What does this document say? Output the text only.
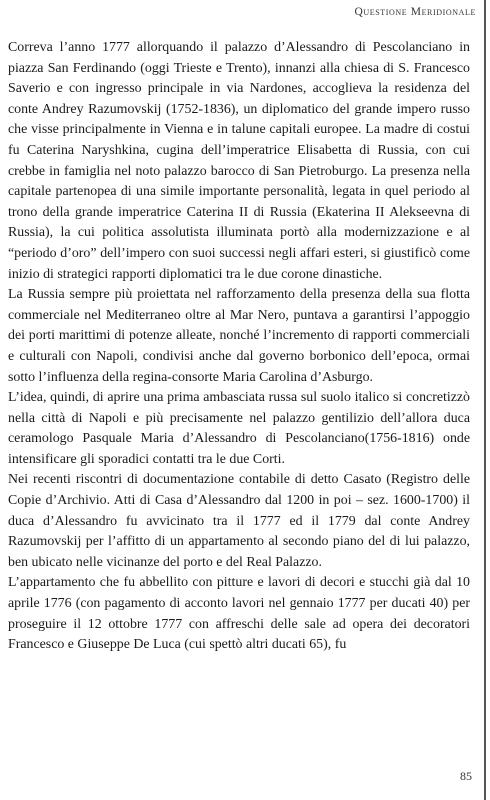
Questione Meridionale

Correva l’anno 1777 allorquando il palazzo d’Alessandro di Pescolanciano in piazza San Ferdinando (oggi Trieste e Trento), innanzi alla chiesa di S. Francesco Saverio e con ingresso principale in via Nardones, accoglieva la residenza del conte Andrey Razumovskij (1752-1836), un diplomatico del grande impero russo che visse principalmente in Vienna e in talune capitali europee. La madre di costui fu Caterina Naryshkina, cugina dell’imperatrice Elisabetta di Russia, con cui crebbe in famiglia nel noto palazzo barocco di San Pietroburgo. La presenza nella capitale partenopea di una simile importante personalità, legata in quel periodo al trono della grande imperatrice Caterina II di Russia (Ekaterina II Alekseevna di Russia), la cui politica assolutista illuminata portò alla modernizzazione e al “periodo d’oro” dell’impero con suoi successi negli affari esteri, si giustificò come inizio di strategici rapporti diplomatici tra le due corone dinastiche.

La Russia sempre più proiettata nel rafforzamento della presenza della sua flotta commerciale nel Mediterraneo oltre al Mar Nero, puntava a garantirsi l’appoggio dei porti marittimi di potenze alleate, nonché l’incremento di rapporti commerciali e culturali con Napoli, condivisi anche dal governo borbonico dell’epoca, ormai sotto l’influenza della regina-consorte Maria Carolina d’Asburgo.

L’idea, quindi, di aprire una prima ambasciata russa sul suolo italico si concretizzò nella città di Napoli e più precisamente nel palazzo gentilizio dell’allora duca ceramologo Pasquale Maria d’Alessandro di Pescolanciano(1756-1816) onde intensificare gli sporadici contatti tra le due Corti.

Nei recenti riscontri di documentazione contabile di detto Casato (Registro delle Copie d’Archivio. Atti di Casa d’Alessandro dal 1200 in poi – sez. 1600-1700) il duca d’Alessandro fu avvicinato tra il 1777 ed il 1779 dal conte Andrey Razumovskij per l’affitto di un appartamento al secondo piano del di lui palazzo, ben ubicato nelle vicinanze del porto e del Real Palazzo.

L’appartamento che fu abbellito con pitture e lavori di decori e stucchi già dal 10 aprile 1776 (con pagamento di acconto lavori nel gennaio 1777 per ducati 40) per proseguire il 12 ottobre 1777 con affreschi delle sale ad opera dei decoratori Francesco e Giuseppe De Luca (cui spettò altri ducati 65), fu

85
